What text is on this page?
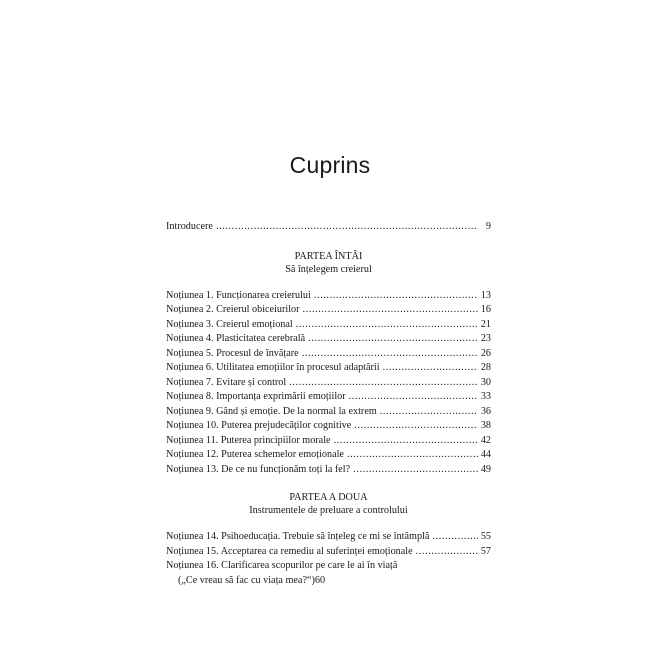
Cuprins
Introducere .....	9
PARTEA ÎNTÂI
Să înțelegem creierul
Noțiunea 1. Funcționarea creierului .....	13
Noțiunea 2. Creierul obiceiurilor .....	16
Noțiunea 3. Creierul emoțional .....	21
Noțiunea 4. Plasticitatea cerebrală .....	23
Noțiunea 5. Procesul de învățare .....	26
Noțiunea 6. Utilitatea emoțiilor în procesul adaptării .....	28
Noțiunea 7. Evitare și control .....	30
Noțiunea 8. Importanța exprimării emoțiilor .....	33
Noțiunea 9. Gând și emoție. De la normal la extrem .....	36
Noțiunea 10. Puterea prejudecăților cognitive .....	38
Noțiunea 11. Puterea principiilor morale .....	42
Noțiunea 12. Puterea schemelor emoționale .....	44
Noțiunea 13. De ce nu funcționăm toți la fel? .....	49
PARTEA A DOUA
Instrumentele de preluare a controlului
Noțiunea 14. Psihoeducația. Trebuie să înțeleg ce mi se întâmplă .....	55
Noțiunea 15. Acceptarea ca remediu al suferinței emoționale .....	57
Noțiunea 16. Clarificarea scopurilor pe care le ai în viață
(„Ce vreau să fac cu viața mea?“) 60
